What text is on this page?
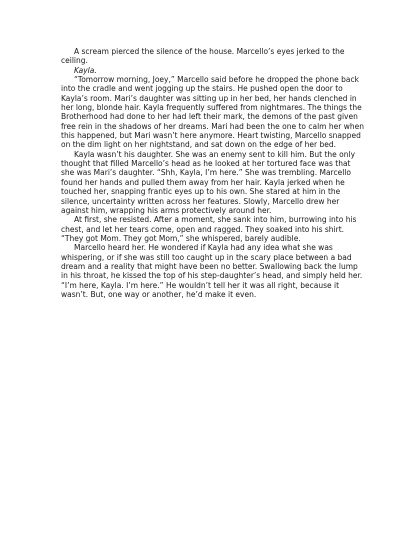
A scream pierced the silence of the house. Marcello’s eyes jerked to the ceiling.

Kayla.

“Tomorrow morning, Joey,” Marcello said before he dropped the phone back into the cradle and went jogging up the stairs. He pushed open the door to Kayla’s room. Mari’s daughter was sitting up in her bed, her hands clenched in her long, blonde hair. Kayla frequently suffered from nightmares. The things the Brotherhood had done to her had left their mark, the demons of the past given free rein in the shadows of her dreams. Mari had been the one to calm her when this happened, but Mari wasn’t here anymore. Heart twisting, Marcello snapped on the dim light on her nightstand, and sat down on the edge of her bed.

Kayla wasn’t his daughter. She was an enemy sent to kill him. But the only thought that filled Marcello’s head as he looked at her tortured face was that she was Mari’s daughter. “Shh, Kayla, I’m here.” She was trembling. Marcello found her hands and pulled them away from her hair. Kayla jerked when he touched her, snapping frantic eyes up to his own. She stared at him in the silence, uncertainty written across her features. Slowly, Marcello drew her against him, wrapping his arms protectively around her.

At first, she resisted. After a moment, she sank into him, burrowing into his chest, and let her tears come, open and ragged. They soaked into his shirt. “They got Mom. They got Mom,” she whispered, barely audible.

Marcello heard her. He wondered if Kayla had any idea what she was whispering, or if she was still too caught up in the scary place between a bad dream and a reality that might have been no better. Swallowing back the lump in his throat, he kissed the top of his step-daughter’s head, and simply held her. “I’m here, Kayla. I’m here.” He wouldn’t tell her it was all right, because it wasn’t. But, one way or another, he’d make it even.
